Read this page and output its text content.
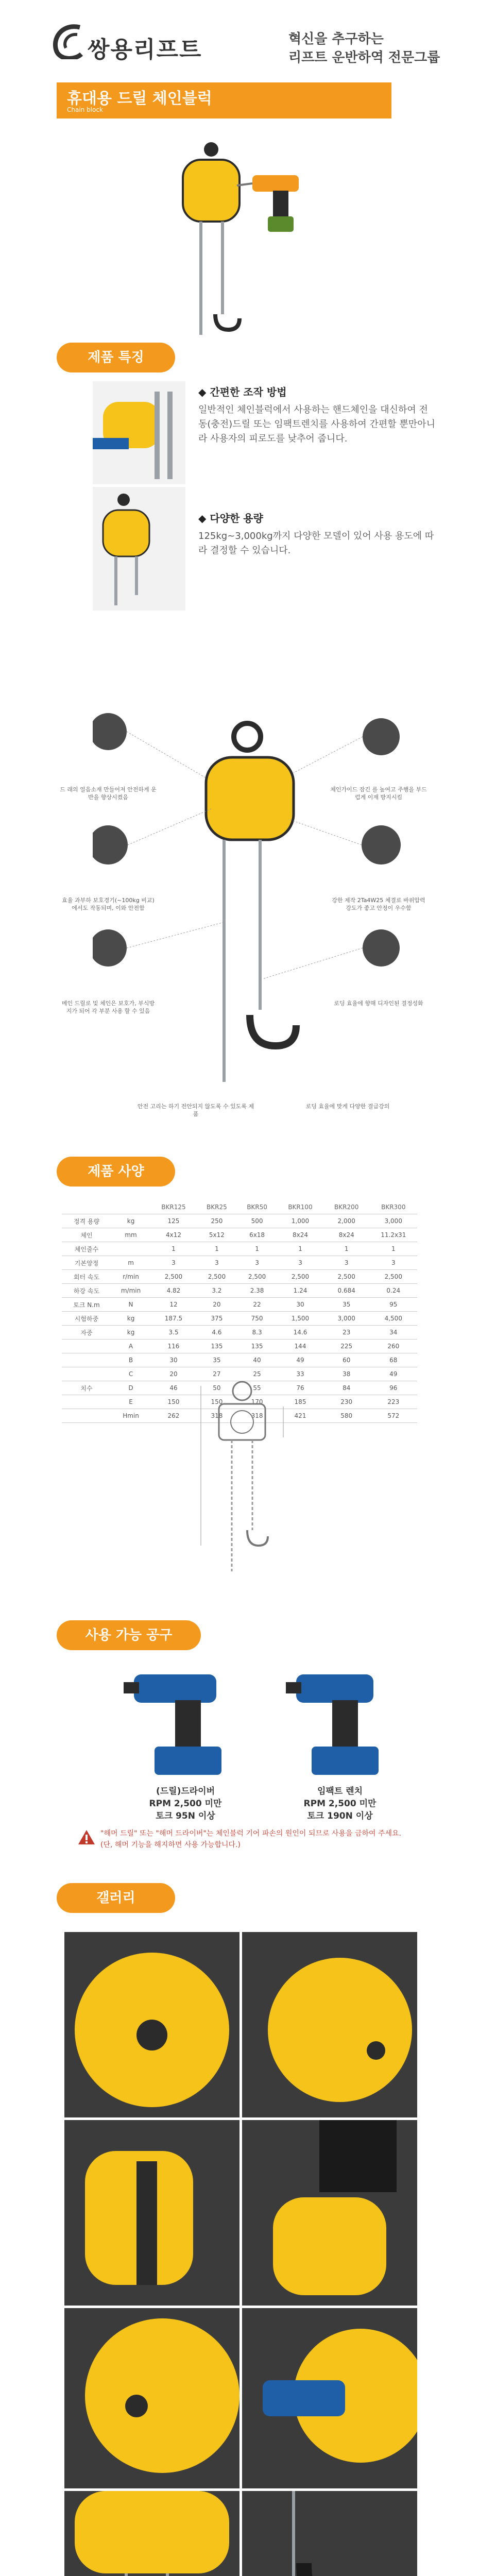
쌍용리프트	혁신을 추구하는
리프트 운반하역 전문그룹
휴대용 드릴 체인블럭
Chain block
제품 특징
◆ 간편한 조작 방법
일반적인 체인블럭에서 사용하는 핸드체인을 대신하여 전동(충전)드릴 또는 임팩트렌치를 사용하여 간편할 뿐만아니라 사용자의 피로도를 낮추어 줍니다.
◆ 다양한 용량
125kg~3,000kg까지 다양한 모델이 있어 사용 용도에 따라 결정할 수 있습니다.
드 래의 얼음소재 만들어져 안전하게 운반을 향상시켰음
체인가이드 잠긴 를 높여고 주행을 부드럽게 이재 방지시킴
효율 과부하 보호경기(~100kg 비교)에서도 작동되며, 이와 안전함
강한 제작 2Ta4W25 체결로 바위압력 강도가 좋고 안정이 우수함
메인 드릴로 및 체인은 보호가, 부식방지가 되어 각 부분 사용 할 수 있음
로딩 효율에 향해 디자인된 결정성화
안전 고리는 하기 전안되지 않도록 수 있도록 제품
로딩 효율에 맞게 다양한 결급강의
제품 사양
		BKR125	BKR25	BKR50	BKR100	BKR200	BKR300
정격 용량	kg	125	250	500	1,000	2,000	3,000
체인	mm	4x12	5x12	6x18	8x24	8x24	11.2x31
체인줄수		1	1	1	1	1	1
기본양정	m	3	3	3	3	3	3
회터 속도	r/min	2,500	2,500	2,500	2,500	2,500	2,500
하강 속도	m/min	4.82	3.2	2.38	1.24	0.684	0.24
토크 N.m	N	12	20	22	30	35	95
시험하중	kg	187.5	375	750	1,500	3,000	4,500
자중	kg	3.5	4.6	8.3	14.6	23	34
	A	116	135	135	144	225	260
	B	30	35	40	49	60	68
	C	20	27	25	33	38	49
치수	D	46	50	55	76	84	96
	E	150	150	170	185	230	223
	Hmin	262	318	318	421	580	572
사용 가능 공구
(드릴)드라이버
RPM 2,500 미만
토크 95N 이상
임팩트 렌치
RPM 2,500 미만
토크 190N 이상
"해머 드릴" 또는 "해머 드라이버"는 체인블럭 기어 파손의 원인이 되므로 사용을 금하여 주세요.
(단, 해머 기능을 해지하면 사용 가능합니다.)
갤러리
